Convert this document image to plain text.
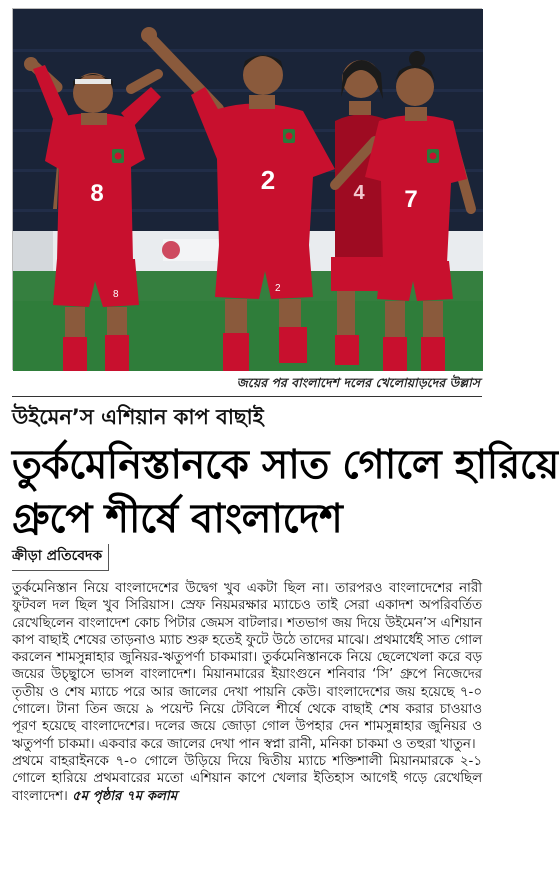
8
8
2
2
4 7
জয়ের পর বাংলাদেশ দলের খেলোয়াড়দের উল্লাস
উইমেন’স এশিয়ান কাপ বাছাই
তুর্কমেনিস্তানকে সাত গোলে হারিয়ে
গ্রুপে শীর্ষে বাংলাদেশ
ক্রীড়া প্রতিবেদক

তুর্কমেনিস্তান নিয়ে বাংলাদেশের উদ্বেগ খুব একটা ছিল না। তারপরও বাংলাদেশের নারী ফুটবল দল ছিল খুব সিরিয়াস। স্রেফ নিয়মরক্ষার ম্যাচেও তাই সেরা একাদশ অপরিবর্তিত রেখেছিলেন বাংলাদেশ কোচ পিটার জেমস বাটলার। শতভাগ জয় দিয়ে উইমেন’স এশিয়ান কাপ বাছাই শেষের তাড়নাও ম্যাচ শুরু হতেই ফুটে উঠে তাদের মাঝে। প্রথমার্ধেই সাত গোল করলেন শামসুন্নাহার জুনিয়র-ঋতুপর্ণা চাকমারা। তুর্কমেনিস্তানকে নিয়ে ছেলেখেলা করে বড় জয়ের উচ্ছ্বাসে ভাসল বাংলাদেশ। মিয়ানমারের ইয়াংগুনে শনিবার ‘সি’ গ্রুপে নিজেদের তৃতীয় ও শেষ ম্যাচে পরে আর জালের দেখা পায়নি কেউ। বাংলাদেশের জয় হয়েছে ৭-০ গোলে। টানা তিন জয়ে ৯ পয়েন্ট নিয়ে টেবিলে শীর্ষে থেকে বাছাই শেষ করার চাওয়াও পূরণ হয়েছে বাংলাদেশের। দলের জয়ে জোড়া গোল উপহার দেন শামসুন্নাহার জুনিয়র ও ঋতুপর্ণা চাকমা। একবার করে জালের দেখা পান স্বপ্না রানী, মনিকা চাকমা ও তহুরা খাতুন।

প্রথমে বাহরাইনকে ৭-০ গোলে উড়িয়ে দিয়ে দ্বিতীয় ম্যাচে শক্তিশালী মিয়ানমারকে ২-১ গোলে হারিয়ে প্রথমবারের মতো এশিয়ান কাপে খেলার ইতিহাস আগেই গড়ে রেখেছিল বাংলাদেশ। ৫ম পৃষ্ঠার ৭ম কলাম
